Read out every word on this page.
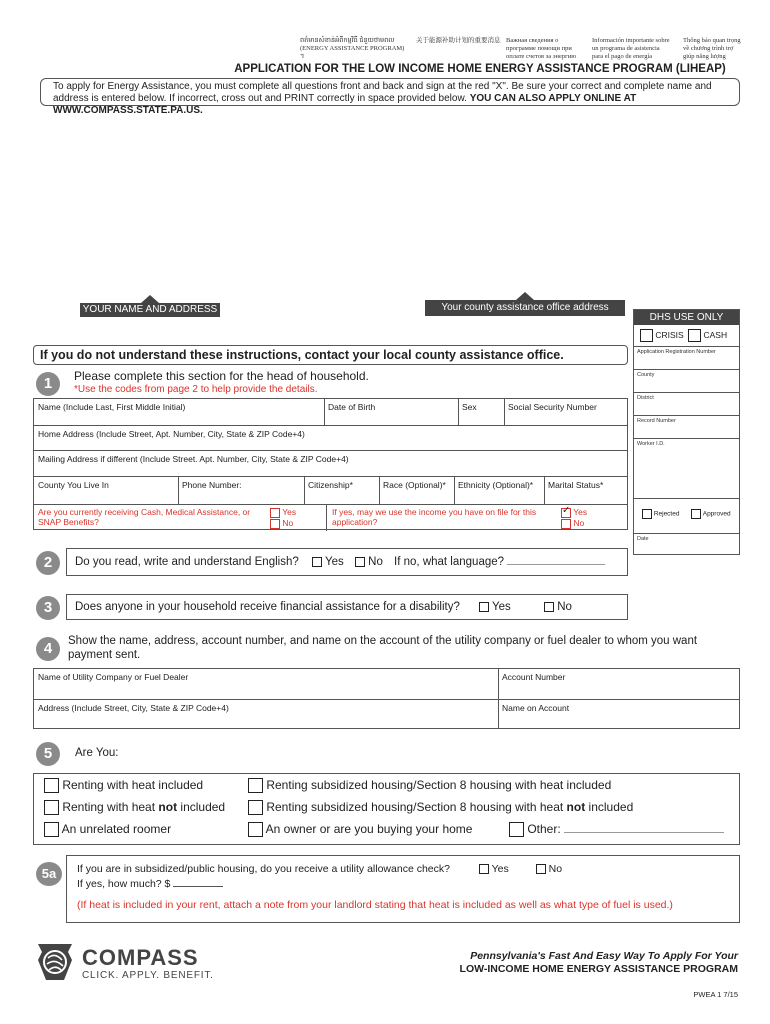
ពត៌មានសំខាន់អំពីកម្មវិធី ជំនួយថាមពល
(ENERGY ASSISTANCE PROGRAM) ។
关于能源补助计划的重要消息 Важная сведения о
программе помощи при
оплате счетов за энергию
Información importante sobre
un programa de asistencia
para el pago de energía
Thông báo quan trọng
về chương trình trợ
giúp năng lượng
APPLICATION FOR THE LOW INCOME HOME ENERGY ASSISTANCE PROGRAM (LIHEAP)
To apply for Energy Assistance, you must complete all questions front and back and sign at the red "X". Be sure your correct and complete name and address is entered below. If incorrect, cross out and PRINT correctly in space provided below. YOU CAN ALSO APPLY ONLINE AT WWW.COMPASS.STATE.PA.US.
YOUR NAME AND ADDRESS	Your county assistance office address
DHS USE ONLY
CRISIS CASH
Application Registration Number
County
District
Record Number
Worker I.D.
Rejected	Approved
Date
If you do not understand these instructions, contact your local county assistance office.
1	Please complete this section for the head of household.
*Use the codes from page 2 to help provide the details.
Name (Include Last, First Middle Initial)	Date of Birth	Sex	Social Security Number
Home Address (Include Street, Apt. Number, City, State & ZIP Code+4)
Mailing Address if different (Include Street. Apt. Number, City, State & ZIP Code+4)
County You Live In	Phone Number:	Citizenship*	Race (Optional)* Ethnicity (Optional)* Marital Status*
Are you currently receiving Cash, Medical Assistance, or SNAP Benefits?
Yes
No
If yes, may we use the income you have on file for this application?
✓ Yes
No
2	Do you read, write and understand English? Yes No If no, what language?
3	Does anyone in your household receive financial assistance for a disability?	Yes	No
4	Show the name, address, account number, and name on the account of the utility company or fuel dealer to whom you want payment sent.
Name of Utility Company or Fuel Dealer	Account Number
Address (Include Street, City, State & ZIP Code+4)	Name on Account
5	Are You:
Renting with heat included
Renting with heat not included
An unrelated roomer
Renting subsidized housing/Section 8 housing with heat included
Renting subsidized housing/Section 8 housing with heat not included
An owner or are you buying your home	Other:
5a	If you are in subsidized/public housing, do you receive a utility allowance check?	Yes	No
If yes, how much? $
(If heat is included in your rent, attach a note from your landlord stating that heat is included as well as what type of fuel is used.)
COMPASS
CLICK. APPLY. BENEFIT.
Pennsylvania's Fast And Easy Way To Apply For Your
LOW-INCOME HOME ENERGY ASSISTANCE PROGRAM
PWEA 1 7/15
